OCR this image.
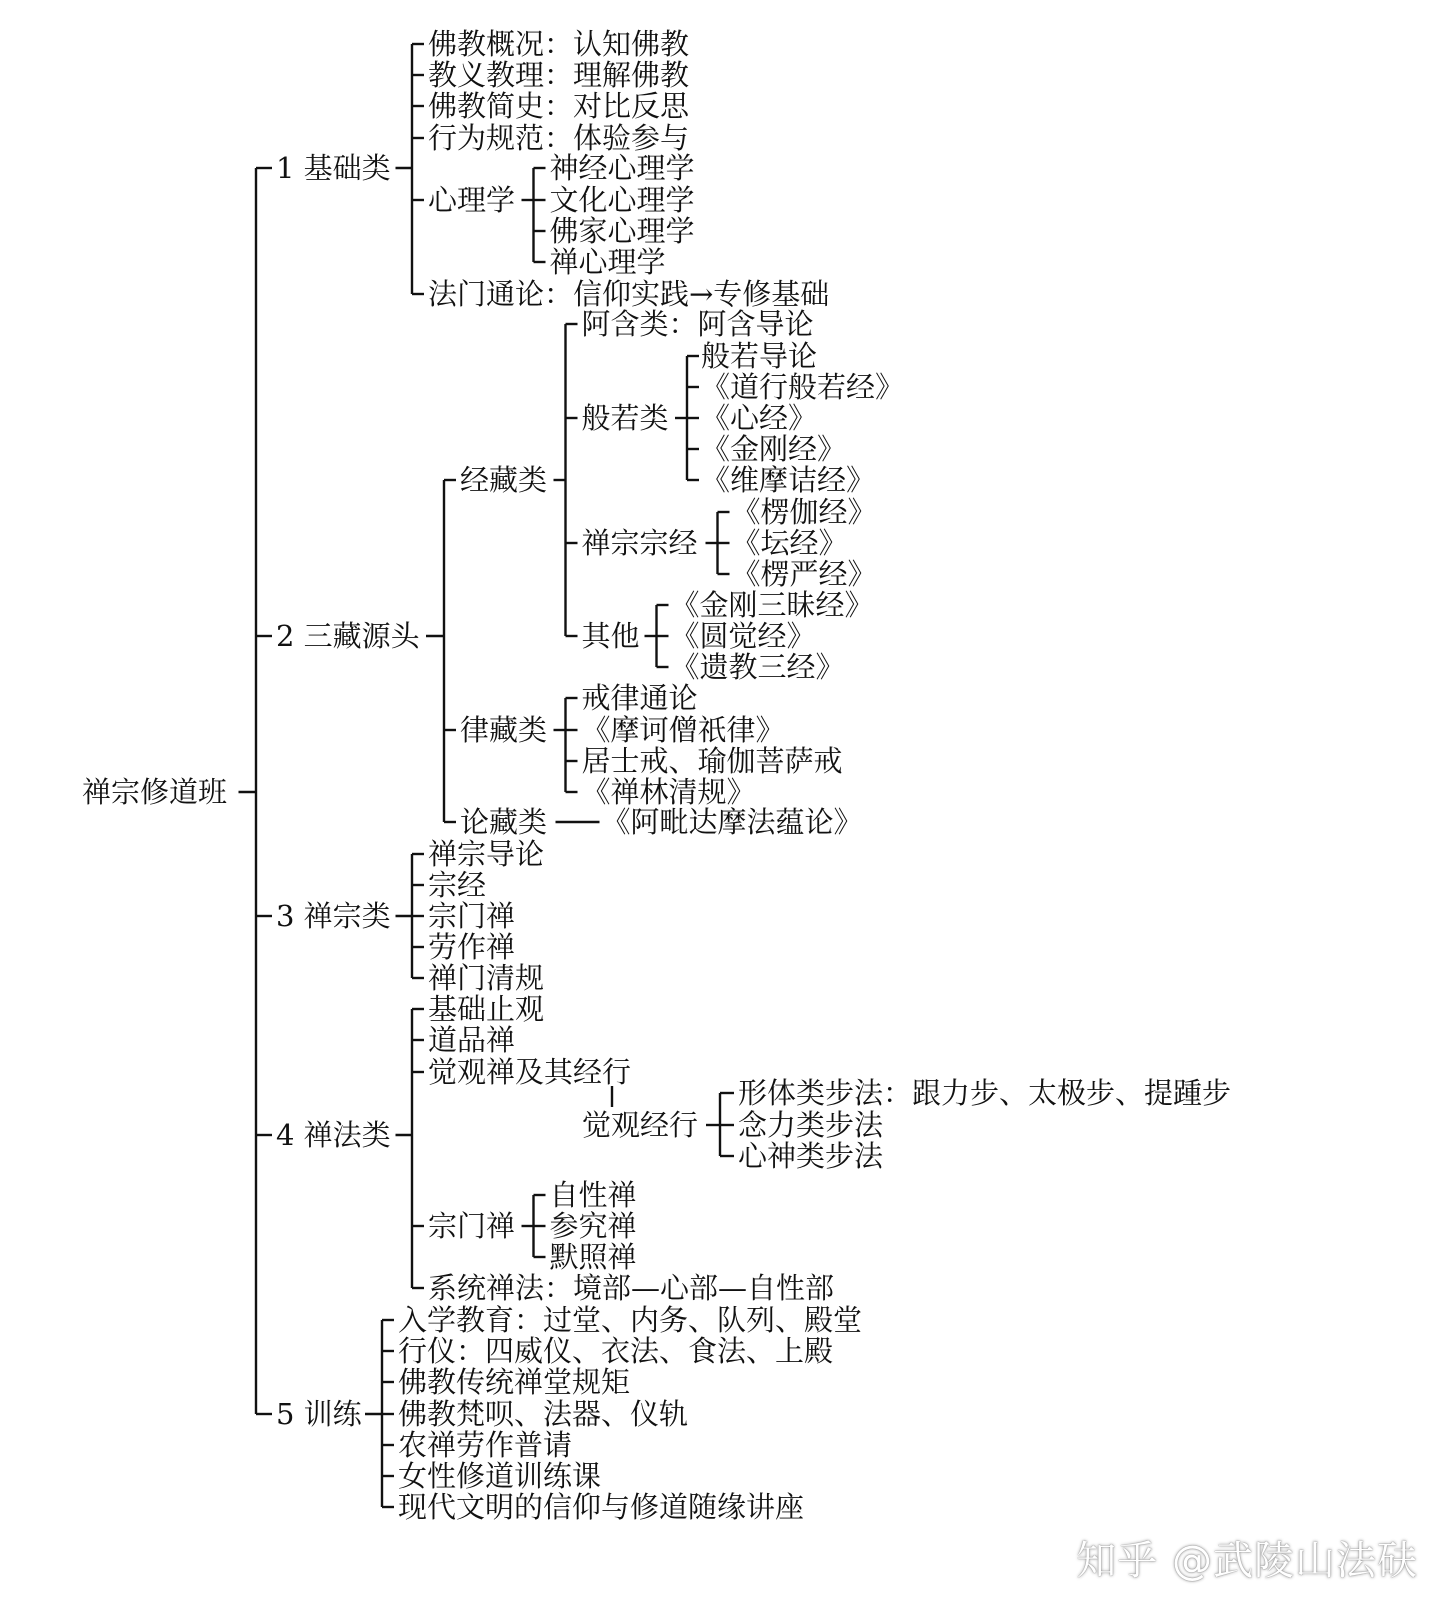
禅宗修道班
1 基础类
2 三藏源头
3 禅宗类
4 禅法类
5 训练
佛教概况：认知佛教
教义教理：理解佛教
佛教简史：对比反思
行为规范：体验参与
心理学
神经心理学
文化心理学
佛家心理学
禅心理学
法门通论：信仰实践→专修基础
经藏类
律藏类
论藏类
阿含类：阿含导论
般若类
般若导论
《道行般若经》
《心经》
《金刚经》
《维摩诘经》
禅宗宗经
《楞伽经》
《坛经》
《楞严经》
其他
《金刚三昧经》
《圆觉经》
《遗教三经》
戒律通论
《摩诃僧祇律》
居士戒、瑜伽菩萨戒
《禅林清规》
《阿毗达摩法蕴论》
禅宗导论
宗经
宗门禅
劳作禅
禅门清规
基础止观
道品禅
觉观禅及其经行
宗门禅
系统禅法：境部—心部—自性部
觉观经行
形体类步法：跟力步、太极步、提踵步
念力类步法
心神类步法
自性禅
参究禅
默照禅
入学教育：过堂、内务、队列、殿堂
行仪：四威仪、衣法、食法、上殿
佛教传统禅堂规矩
佛教梵呗、法器、仪轨
农禅劳作普请
女性修道训练课
现代文明的信仰与修道随缘讲座
知乎 @武陵山法砆
